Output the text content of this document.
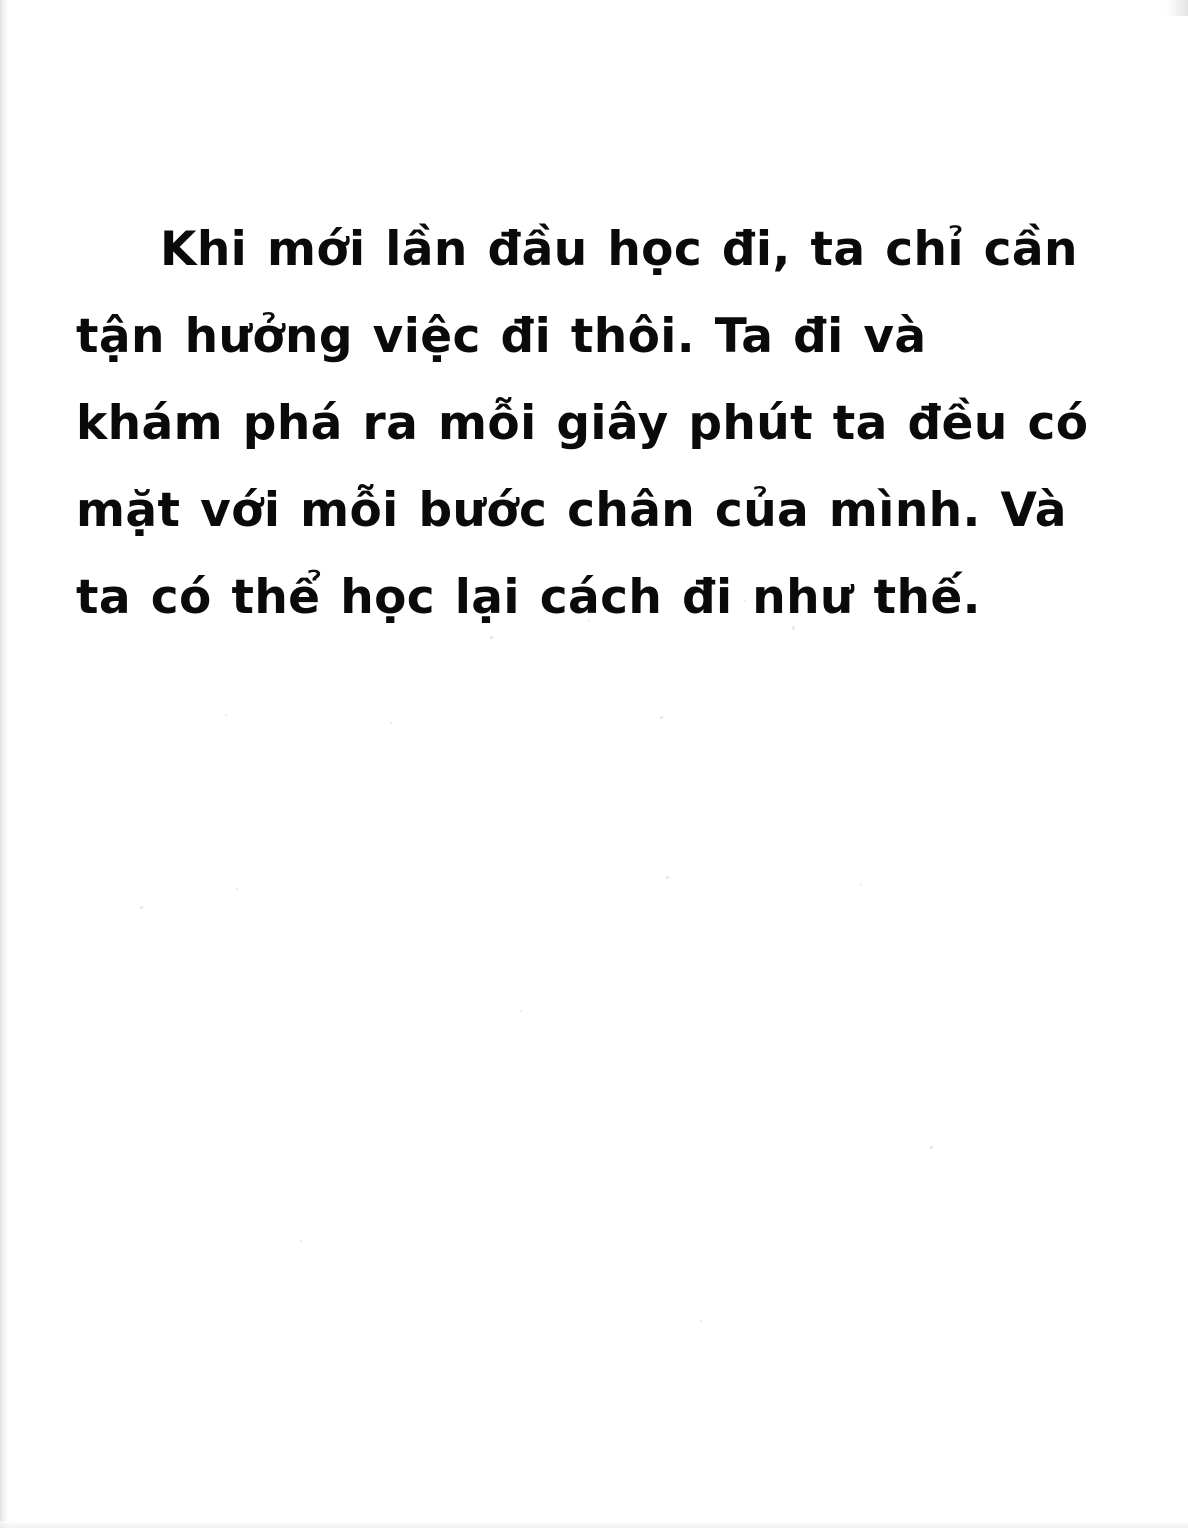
Khi mới lần đầu học đi, ta chỉ cần tận hưởng việc đi thôi. Ta đi và khám phá ra mỗi giây phút ta đều có mặt với mỗi bước chân của mình. Và ta có thể học lại cách đi như thế.
